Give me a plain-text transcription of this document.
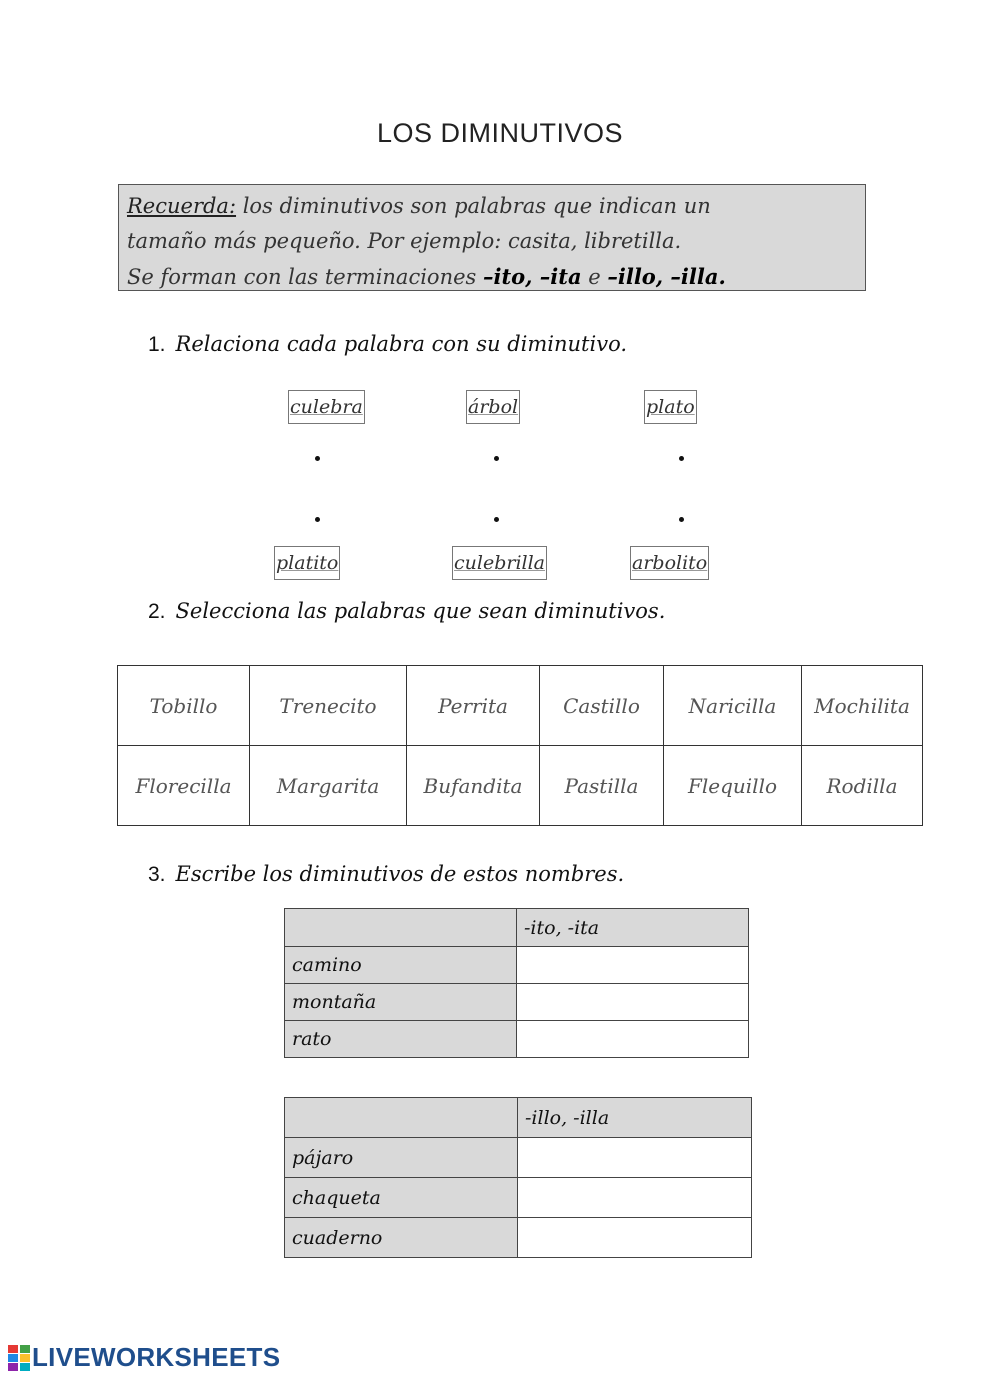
LOS DIMINUTIVOS
Recuerda: los diminutivos son palabras que indican un
tamaño más pequeño. Por ejemplo: casita, libretilla.
Se forman con las terminaciones –ito, –ita e –illo, –illa.
1. Relaciona cada palabra con su diminutivo.
culebra	árbol	plato
platito	culebrilla	arbolito
2. Selecciona las palabras que sean diminutivos.
Tobillo	Trenecito	Perrita	Castillo	Naricilla	Mochilita
Florecilla	Margarita	Bufandita	Pastilla	Flequillo	Rodilla
3. Escribe los diminutivos de estos nombres.
	-ito, -ita
camino	
montaña	
rato	
	-illo, -illa
pájaro	
chaqueta	
cuaderno	
LIVEWORKSHEETS
